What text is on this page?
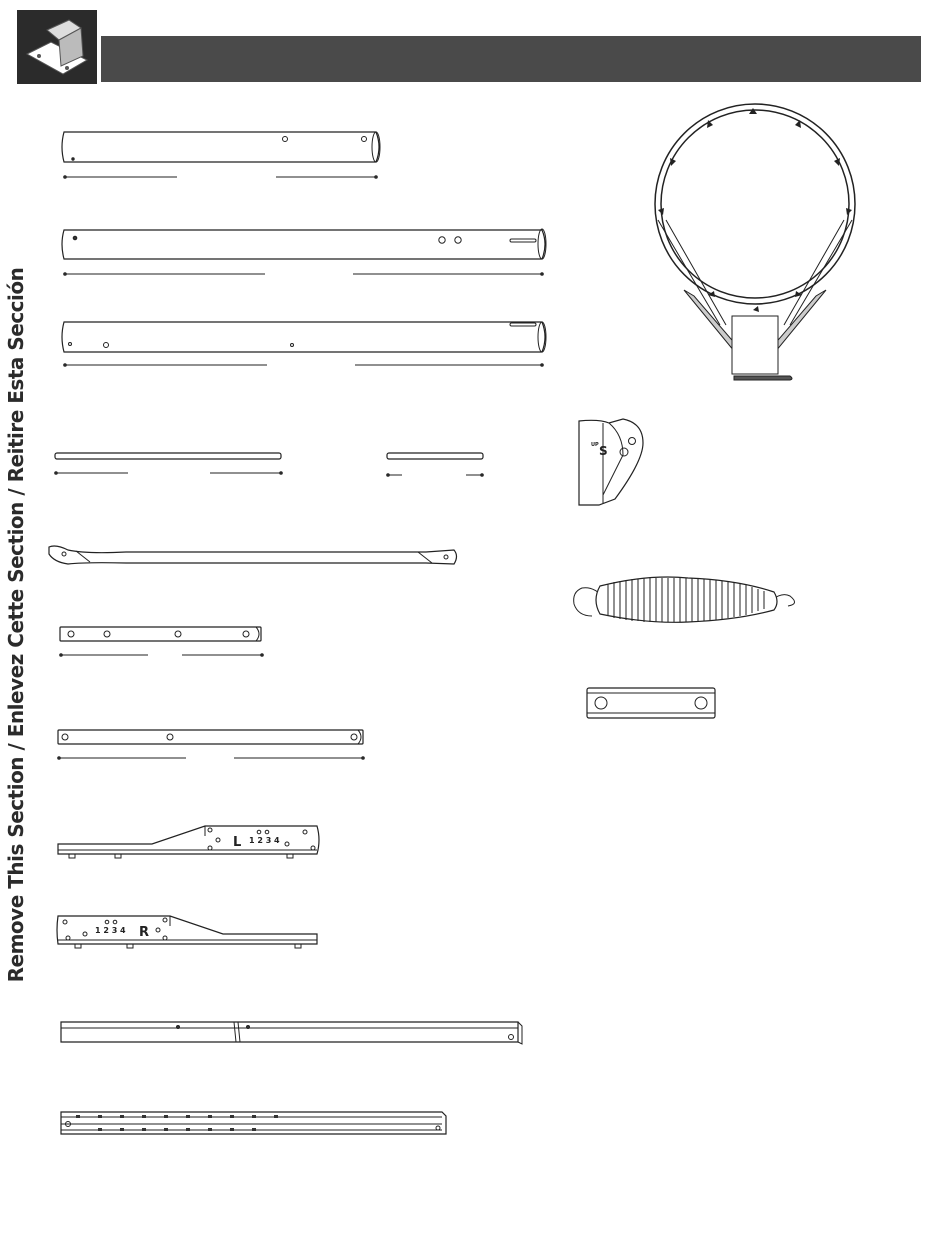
Remove This Section / Enlevez Cette Section / Reitire Esta Sección	L 1 2 3 4
1 2 3 4 R
UP S
